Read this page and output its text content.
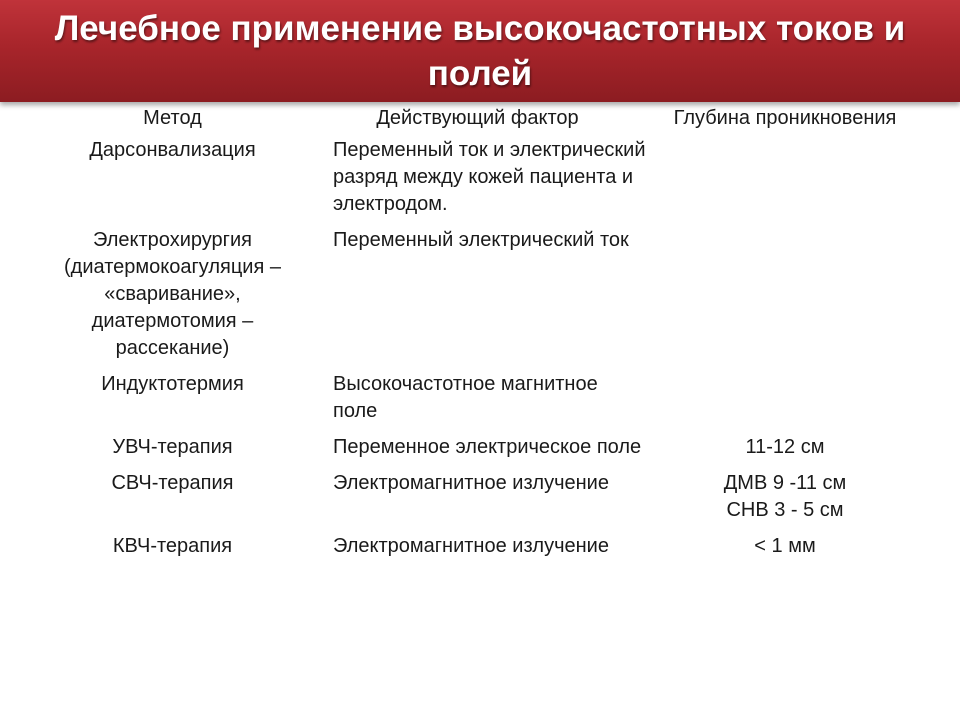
Лечебное применение высокочастотных токов и полей
Метод	Действующий фактор	Глубина проникновения
Дарсонвализация	Переменный ток и электрический разряд между кожей пациента и электродом.	
Электрохирургия (диатермокоагуляция – «сваривание», диатермотомия – рассекание)	Переменный электрический ток	
Индуктотермия	Высокочастотное магнитное поле	
УВЧ-терапия	Переменное электрическое поле	11-12 см
СВЧ-терапия	Электромагнитное излучение	ДМВ 9 -11 см
СНВ 3 - 5 см

КВЧ-терапия	Электромагнитное излучение	< 1 мм
